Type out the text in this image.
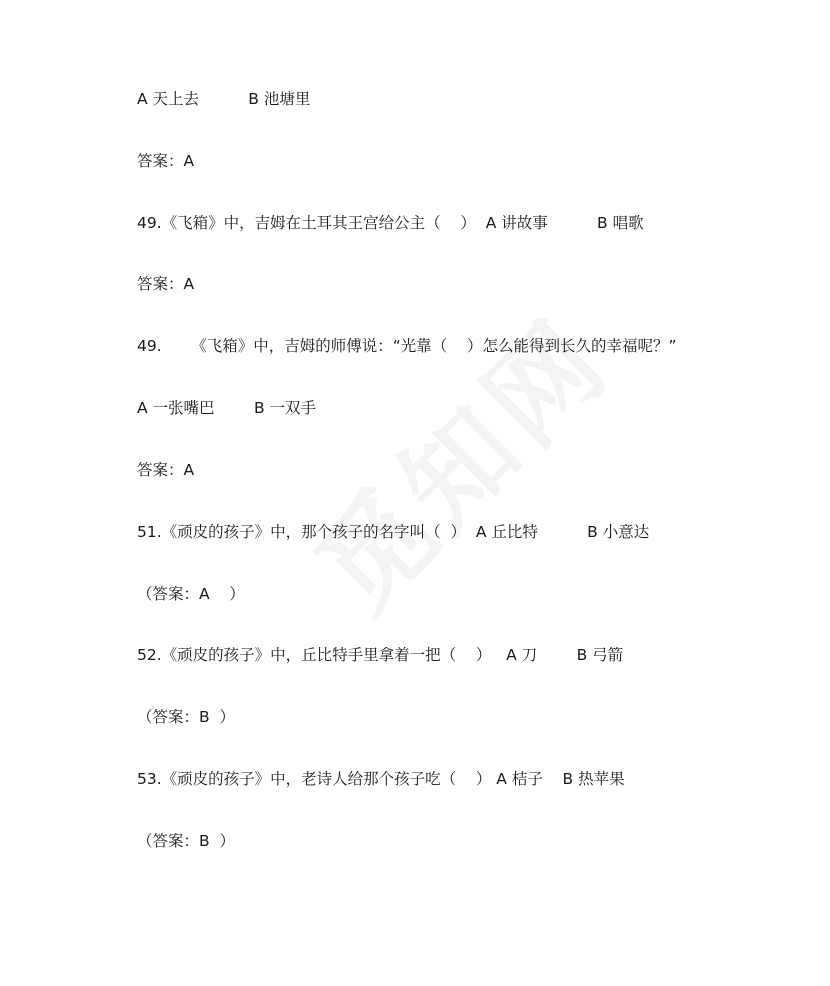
A 天上去          B 池塘里
答案：A
49.《飞箱》中，吉姆在土耳其王宫给公主（    ）  A 讲故事          B 唱歌
答案：A
49.      《飞箱》中，吉姆的师傅说：“光靠（    ）怎么能得到长久的幸福呢？”
A 一张嘴巴        B 一双手
答案：A
51.《顽皮的孩子》中，那个孩子的名字叫（  ）  A 丘比特          B 小意达
（答案：A    ）
52.《顽皮的孩子》中，丘比特手里拿着一把（    ）   A 刀        B 弓箭
（答案：B  ）
53.《顽皮的孩子》中，老诗人给那个孩子吃（    ） A 桔子    B 热苹果
（答案：B  ）
